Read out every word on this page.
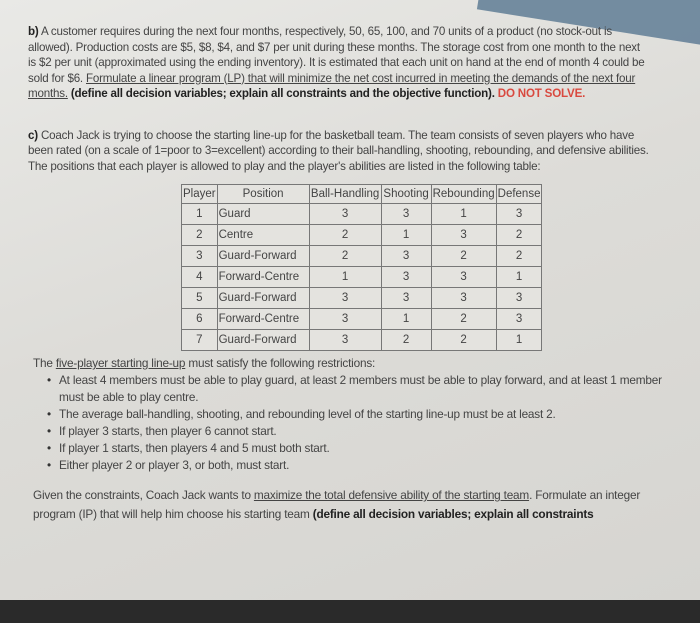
b) A customer requires during the next four months, respectively, 50, 65, 100, and 70 units of a product (no stock-out is allowed). Production costs are $5, $8, $4, and $7 per unit during these months. The storage cost from one month to the next is $2 per unit (approximated using the ending inventory). It is estimated that each unit on hand at the end of month 4 could be sold for $6. Formulate a linear program (LP) that will minimize the net cost incurred in meeting the demands of the next four months. (define all decision variables; explain all constraints and the objective function). DO NOT SOLVE.
c) Coach Jack is trying to choose the starting line-up for the basketball team. The team consists of seven players who have been rated (on a scale of 1=poor to 3=excellent) according to their ball-handling, shooting, rebounding, and defensive abilities. The positions that each player is allowed to play and the player's abilities are listed in the following table:
Player	Position	Ball-Handling	Shooting	Rebounding	Defense
1	Guard	3	3	1	3
2	Centre	2	1	3	2
3	Guard-Forward	2	3	2	2
4	Forward-Centre	1	3	3	1
5	Guard-Forward	3	3	3	3
6	Forward-Centre	3	1	2	3
7	Guard-Forward	3	2	2	1
The five-player starting line-up must satisfy the following restrictions:
• At least 4 members must be able to play guard, at least 2 members must be able to play forward, and at least 1 member must be able to play centre.
• The average ball-handling, shooting, and rebounding level of the starting line-up must be at least 2.
• If player 3 starts, then player 6 cannot start.
• If player 1 starts, then players 4 and 5 must both start.
• Either player 2 or player 3, or both, must start.
Given the constraints, Coach Jack wants to maximize the total defensive ability of the starting team. Formulate an integer program (IP) that will help him choose his starting team (define all decision variables; explain all constraints
